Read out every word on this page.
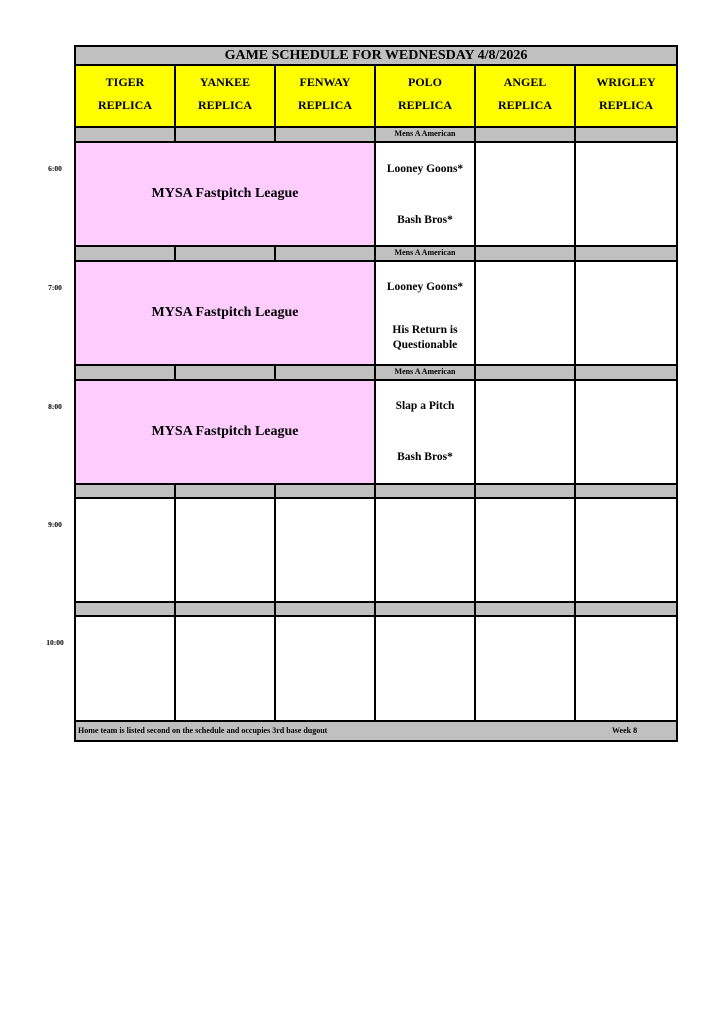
GAME SCHEDULE FOR WEDNESDAY 4/8/2026
TIGER
REPLICA
YANKEE
REPLICA
FENWAY
REPLICA
POLO
REPLICA
ANGEL
REPLICA
WRIGLEY
REPLICA
Mens A American
6:00
MYSA Fastpitch League
Looney Goons*
Bash Bros*
Mens A American
7:00
MYSA Fastpitch League
Looney Goons*
His Return is Questionable
Mens A American
8:00
MYSA Fastpitch League
Slap a Pitch
Bash Bros*
9:00
10:00
Home team is listed second on the schedule and occupies 3rd base dugout	Week 8
